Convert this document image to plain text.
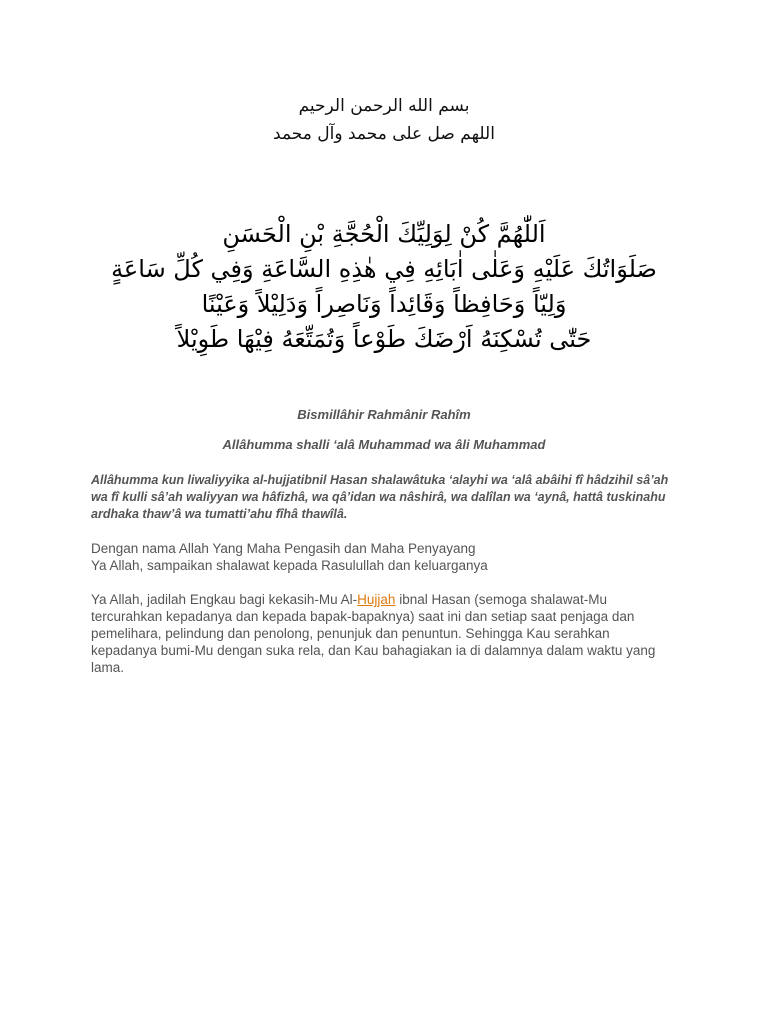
بسم الله الرحمن الرحيم
اللهم صل على محمد وآل محمد
اَللّٰهُمَّ كُنْ لِوَلِيِّكَ الْحُجَّةِ بْنِ الْحَسَنِ
صَلَوَاتُكَ عَلَيْهِ وَعَلٰى اٰبَائِهِ فِي هٰذِهِ السَّاعَةِ وَفِي كُلِّ سَاعَةٍ
وَلِيّاً وَحَافِظاً وَقَائِداً وَنَاصِراً وَدَلِيْلاً وَعَيْنًا
حَتّٰى تُسْكِنَهُ اَرْضَكَ طَوْعاً وَتُمَتِّعَهُ فِيْهَا طَوِيْلاً
Bismillâhir Rahmânir Rahîm
Allâhumma shalli ‘alâ Muhammad wa âli Muhammad
Allâhumma kun liwaliyyika al-hujjatibnil Hasan shalawâtuka ‘alayhi wa ‘alâ abâihi fî hâdzihil sâ’ah wa fî kulli sâ’ah waliyyan wa hâfizhâ, wa qâ’idan wa nâshirâ, wa dalîlan wa ‘aynâ, hattâ tuskinahu ardhaka thaw’â wa tumatti’ahu fîhâ thawîlâ.
Dengan nama Allah Yang Maha Pengasih dan Maha Penyayang
Ya Allah, sampaikan shalawat kepada Rasulullah dan keluarganya
Ya Allah, jadilah Engkau bagi kekasih-Mu Al-Hujjah ibnal Hasan (semoga shalawat-Mu tercurahkan kepadanya dan kepada bapak-bapaknya) saat ini dan setiap saat penjaga dan pemelihara, pelindung dan penolong, penunjuk dan penuntun. Sehingga Kau serahkan kepadanya bumi-Mu dengan suka rela, dan Kau bahagiakan ia di dalamnya dalam waktu yang lama.
